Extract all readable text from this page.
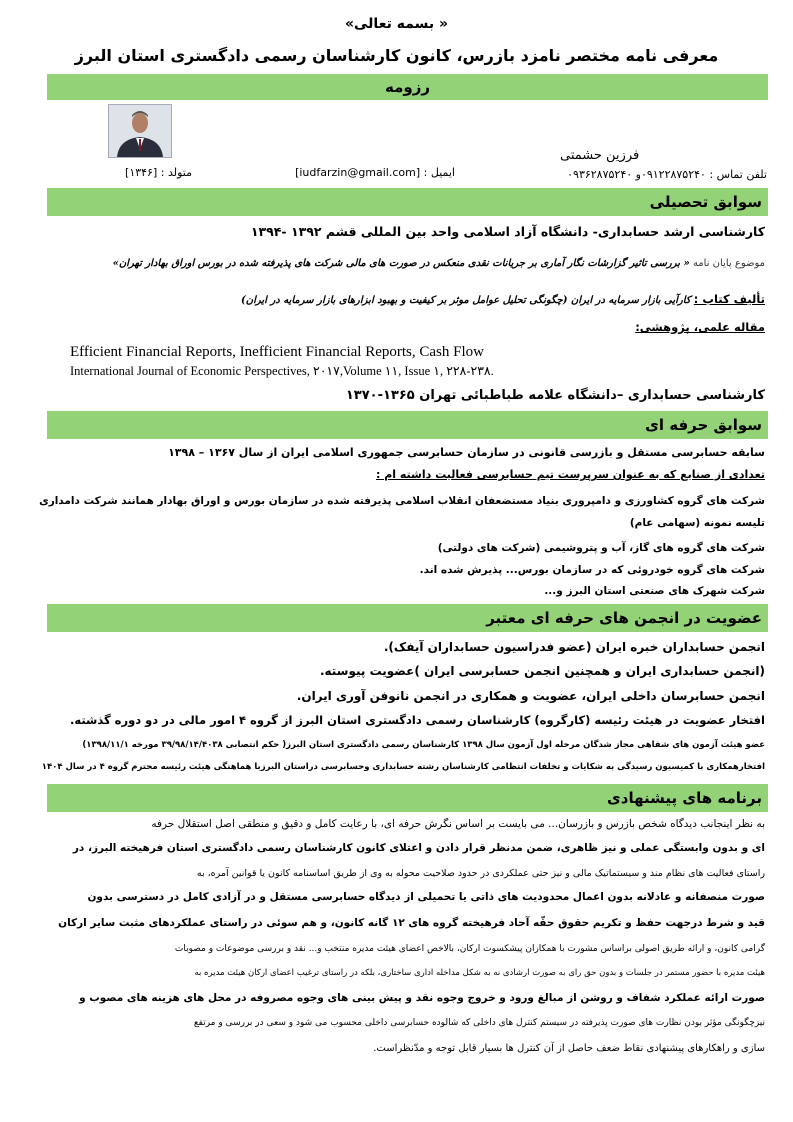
« بسمه تعالی»
معرفی نامه مختصر نامزد بازرس، کانون کارشناسان رسمی دادگستری استان البرز
رزومه
فرزین حشمتی
تلفن تماس : ۰۹۱۲۲۸۷۵۲۴۰و ۰۹۳۶۲۸۷۵۲۴۰
ایمیل : [iudfarzin@gmail.com]
متولد : [۱۳۴۶]
سوابق تحصیلی
کارشناسی ارشد حسابداری- دانشگاه آزاد اسلامی واحد بین المللی قشم ۱۳۹۲ -۱۳۹۴
موضوع پایان نامه « بررسی تاثیر گزارشات نگار آماری بر جریانات نقدی منعکس در صورت های مالی شرکت های پذیرفته شده در بورس اوراق بهادار تهران»
تألیف کتاب : کارآیی بازار سرمایه در ایران (چگونگی تحلیل عوامل موثر بر کیفیت و بهبود ابزارهای بازار سرمایه در ایران)
مقاله علمی، پژوهشی:
Efficient Financial Reports, Inefficient Financial Reports, Cash Flow
International Journal of Economic Perspectives, ۲۰۱۷,Volume ۱۱, Issue ۱, ۲۲۸-۲۳۸.
کارشناسی حسابداری –دانشگاه علامه طباطبائی تهران ۱۳۶۵-۱۳۷۰
سوابق حرفه ای
سابقه حسابرسی مستقل و بازرسی قانونی در سازمان حسابرسی جمهوری اسلامی ایران از سال ۱۳۶۷ – ۱۳۹۸
تعدادی از صنایع که به عنوان سرپرست تیم حسابرسی فعالیت داشته ام :
شرکت های گروه کشاورزی و دامپروری بنیاد مستضعفان انقلاب اسلامی پذیرفته شده در سازمان بورس و اوراق بهادار همانند شرکت دامداری
تلیسه نمونه (سهامی عام)
شرکت های گروه های گاز، آب و پتروشیمی (شرکت های دولتی)
شرکت های گروه خودروئی که در سازمان بورس... پذیرش شده اند.
شرکت شهرک های صنعتی استان البرز و...
عضویت در انجمن های حرفه ای معتبر
انجمن حسابداران خبره ایران (عضو فدراسیون حسابداران آیفک).
(انجمن حسابداری ایران و همچنین انجمن حسابرسی ایران )عضویت پیوسته.
انجمن حسابرسان داخلی ایران، عضویت و همکاری در انجمن نانوفن آوری ایران.
افتخار عضویت در هیئت رئیسه (کارگروه) کارشناسان رسمی دادگستری استان البرز از گروه ۴ امور مالی در دو دوره گذشته.
عضو هیئت آزمون های شفاهی مجاز شدگان مرحله اول آزمون سال ۱۳۹۸ کارشناسان رسمی دادگستری استان البرز( حکم انتصابی ۳۹/۹۸/۱۴/۴۰۳۸ مورخه ۱۳۹۸/۱۱/۱)
افتخارهمکاری با کمیسیون رسیدگی به شکایات و تخلفات انتظامی کارشناسان رشته حسابداری وحسابرسی دراستان البرزبا هماهنگی هیئت رئیسه محترم گروه ۴ در سال ۱۴۰۴
برنامه های پیشنهادی
به نظر اینجانب دیدگاه شخص بازرس و بازرسان... می بایست بر اساس نگرش حرفه ای، با رعایت کامل و دقیق و منطقی اصل استقلال حرفه
ای و بدون وابستگی عملی و نیز ظاهری، ضمن مدنظر قرار دادن و اعتلای کانون کارشناسان رسمی دادگستری استان فرهیخته البرز، در
راستای فعالیت های نظام مند و سیستماتیک مالی و نیز حتی عملکردی در حدود صلاحیت محوله به وی از طریق اساسنامه کانون یا قوانین آمره، به
صورت منصفانه و عادلانه بدون اعمال محدودیت های ذاتی یا تحمیلی از دیدگاه حسابرسی مستقل و در آزادی کامل در دسترسی بدون
قید و شرط درجهت حفظ و تکریم حقوق حقّه آحاد فرهیخته گروه های ۱۲ گانه کانون، و هم سوئی در راستای عملکردهای مثبت سایر ارکان
گرامی کانون، و ارائه طریق اصولی براساس مشورت با همکاران پیشکسوت ارکان، بالاخص اعضای هیئت مدیره منتخب و... نقد و بررسی موضوعات و مصوبات
هیئت مدیره با حضور مستمر در جلسات و بدون حق رای به صورت ارشادی نه به شکل مداخله اداری ساختاری، بلکه در راستای ترغیب اعضای ارکان هیئت مدیره به
صورت ارائه عملکرد شفاف و روشن از مبالغ ورود و خروج وجوه نقد و پیش بینی های وجوه مصروفه در محل های هزینه های مصوب و
نیزچگونگی مؤثر بودن نظارت های صورت پذیرفته در سیستم کنترل های داخلی که شالوده حسابرسی داخلی محسوب می شود و سعی در بررسی و مرتفع
سازی و راهکارهای پیشنهادی نقاط ضعف حاصل از آن کنترل ها بسیار قابل توجه و مدّنظراست.
